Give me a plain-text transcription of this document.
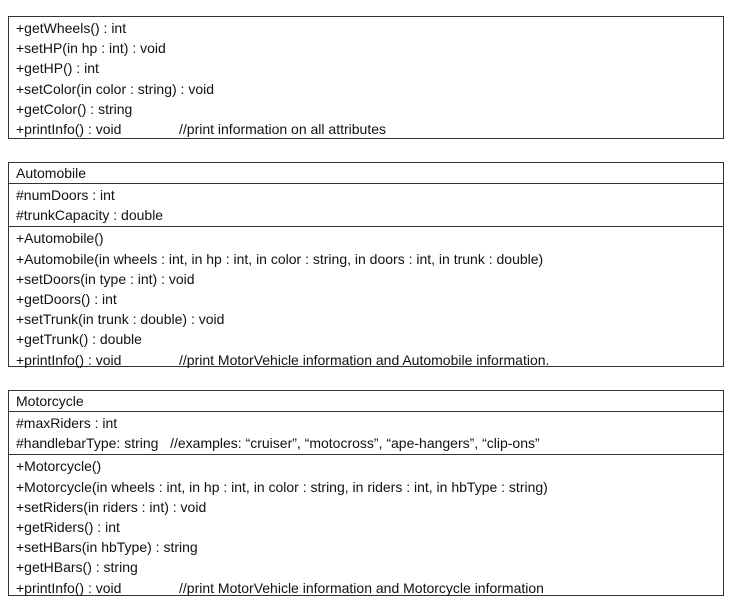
+getWheels() : int
+setHP(in hp : int) : void
+getHP() : int
+setColor(in color : string) : void
+getColor() : string
+printInfo() : void	//print information on all attributes
Automobile
#numDoors : int
#trunkCapacity : double
+Automobile()
+Automobile(in wheels : int, in hp : int, in color : string, in doors : int, in trunk : double)
+setDoors(in type : int) : void
+getDoors() : int
+setTrunk(in trunk : double) : void
+getTrunk() : double
+printInfo() : void	//print MotorVehicle information and Automobile information.
Motorcycle
#maxRiders : int
#handlebarType: string   //examples: “cruiser”, “motocross”, “ape-hangers”, “clip-ons”
+Motorcycle()
+Motorcycle(in wheels : int, in hp : int, in color : string, in riders : int, in hbType : string)
+setRiders(in riders : int) : void
+getRiders() : int
+setHBars(in hbType) : string
+getHBars() : string
+printInfo() : void	//print MotorVehicle information and Motorcycle information
